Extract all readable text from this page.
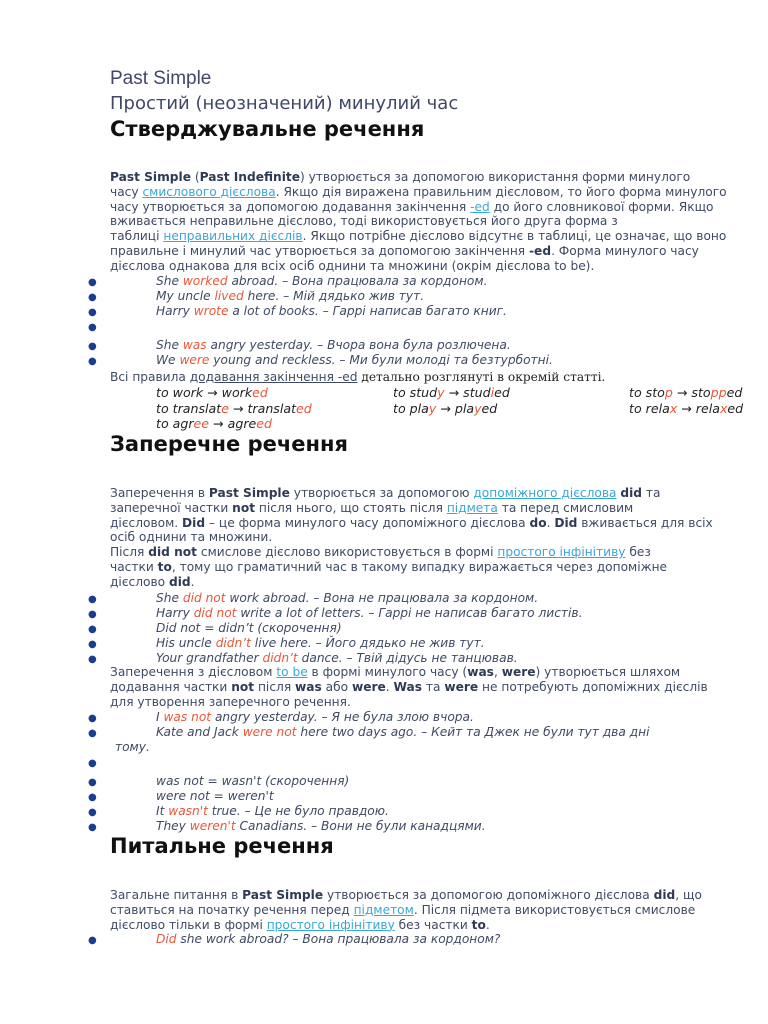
Past Simple
Простий (неозначений) минулий час
Стверджувальне речення
Past Simple (Past Indefinite) утворюється за допомогою використання форми минулого
часу смислового дієслова. Якщо дія виражена правильним дієсловом, то його форма минулого
часу утворюється за допомогою додавання закінчення -ed до його словникової форми. Якщо
вживається неправильне дієслово, тоді використовується його друга форма з
таблиці неправильних дієслів. Якщо потрібне дієслово відсутнє в таблиці, це означає, що воно
правильне і минулий час утворюється за допомогою закінчення -ed. Форма минулого часу
дієслова однакова для всіх осіб однини та множини (окрім дієслова to be).
●	She worked abroad. – Вона працювала за кордоном.
●	My uncle lived here. – Мій дядько жив тут.
●	Harry wrote a lot of books. – Гаррі написав багато книг.
●
●	She was angry yesterday. – Вчора вона була розлючена.
●	We were young and reckless. – Ми були молоді та безтурботні.
Всі правила додавання закінчення -ed детально розглянуті в окремій статті.
to work → worked	to study → studied	to stop → stopped
to translate → translated	to play → played	to relax → relaxed
to agree → agreed
Заперечне речення
Заперечення в Past Simple утворюється за допомогою допоміжного дієслова did та
заперечної частки not після нього, що стоять після підмета та перед смисловим
дієсловом. Did – це форма минулого часу допоміжного дієслова do. Did вживається для всіх
осіб однини та множини.
Після did not смислове дієслово використовується в формі простого інфінітиву без
частки to, тому що граматичний час в такому випадку виражається через допоміжне
дієслово did.
●	She did not work abroad. – Вона не працювала за кордоном.
●	Harry did not write a lot of letters. – Гаррі не написав багато листів.
●	Did not = didn’t (скорочення)
●	His uncle didn’t live here. – Його дядько не жив тут.
●	Your grandfather didn’t dance. – Твій дідусь не танцював.
Заперечення з дієсловом to be в формі минулого часу (was, were) утворюється шляхом
додавання частки not після was або were. Was та were не потребують допоміжних дієслів
для утворення заперечного речення.
●	I was not angry yesterday. – Я не була злою вчора.
●	Kate and Jack were not here two days ago. – Кейт та Джек не були тут два дні
тому.
●
●	was not = wasn't (скорочення)
●	were not = weren't
●	It wasn't true. – Це не було правдою.
●	They weren't Canadians. – Вони не були канадцями.
Питальне речення
Загальне питання в Past Simple утворюється за допомогою допоміжного дієслова did, що
ставиться на початку речення перед підметом. Після підмета використовується смислове
дієслово тільки в формі простого інфінітиву без частки to.
●	Did she work abroad? – Вона працювала за кордоном?
